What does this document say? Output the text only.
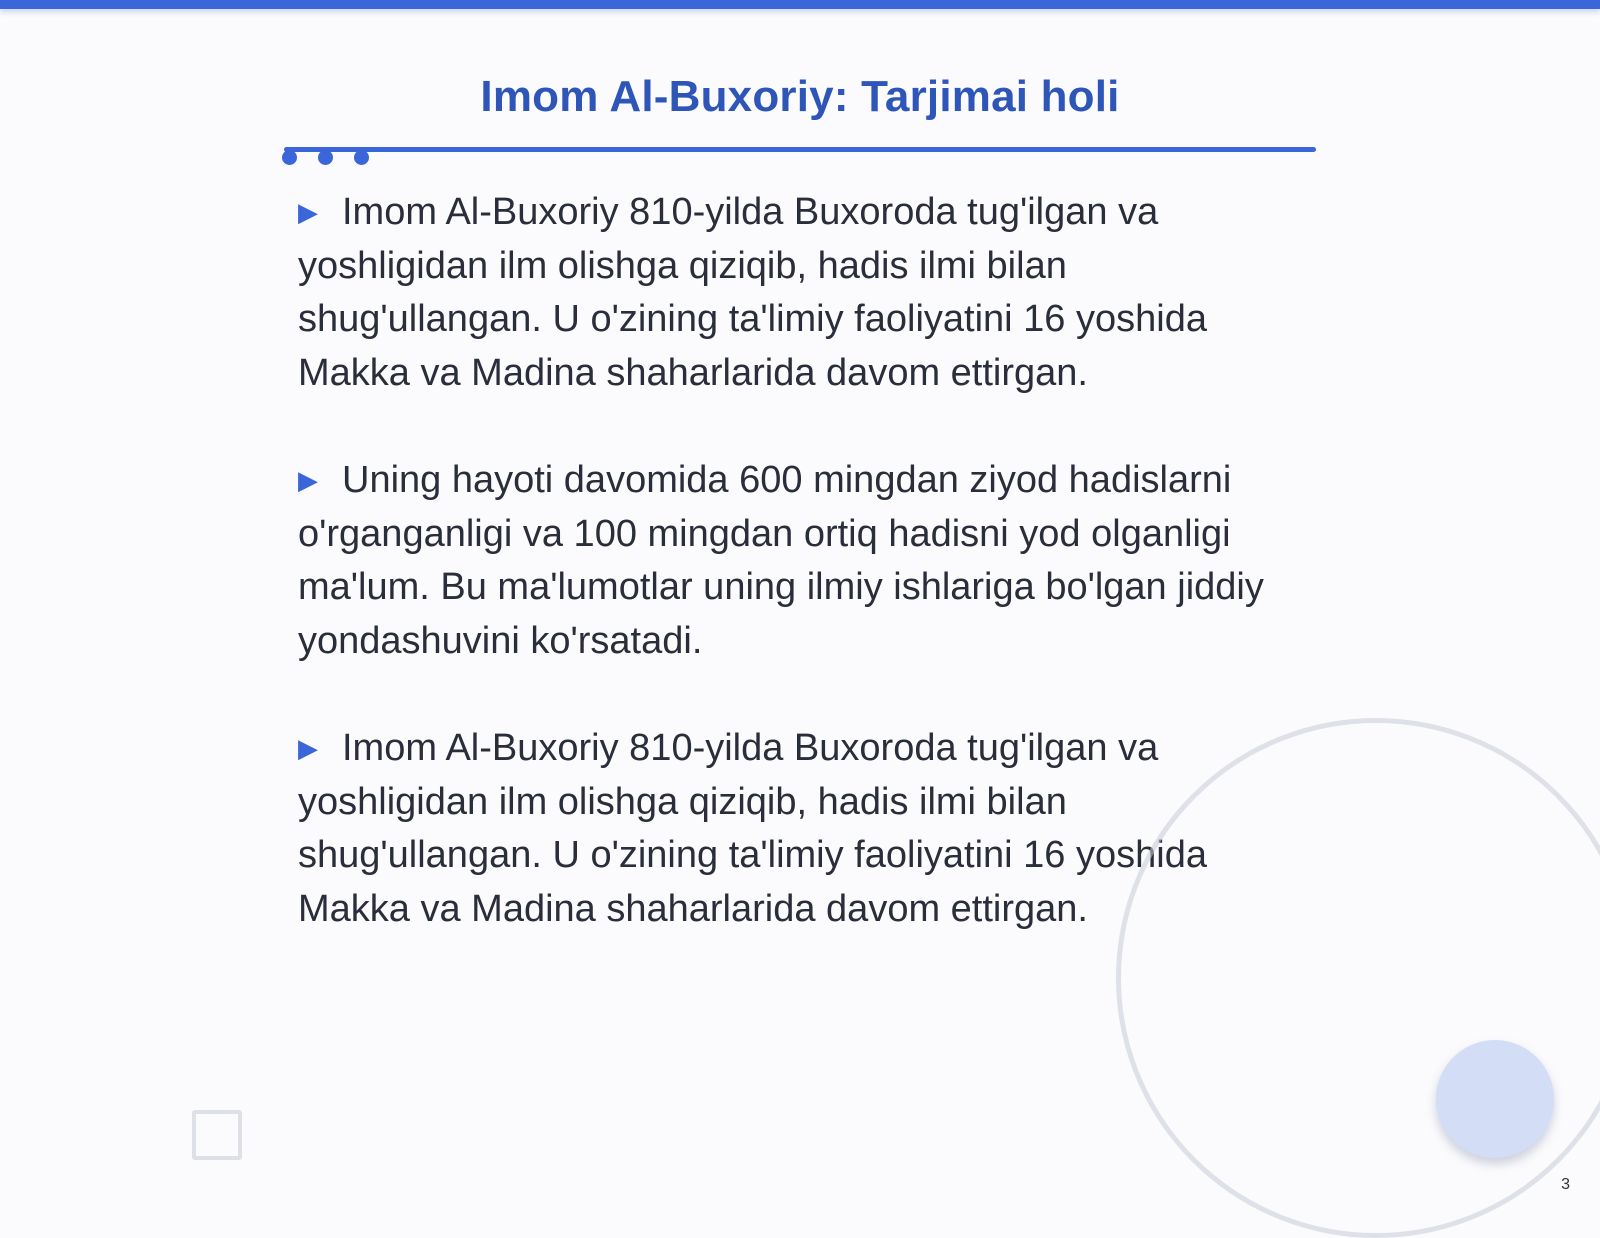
Imom Al-Buxoriy: Tarjimai holi

▶ Imom Al-Buxoriy 810-yilda Buxoroda tug'ilgan va yoshligidan ilm olishga qiziqib, hadis ilmi bilan shug'ullangan. U o'zining ta'limiy faoliyatini 16 yoshida Makka va Madina shaharlarida davom ettirgan.

▶ Uning hayoti davomida 600 mingdan ziyod hadislarni o'rganganligi va 100 mingdan ortiq hadisni yod olganligi ma'lum. Bu ma'lumotlar uning ilmiy ishlariga bo'lgan jiddiy yondashuvini ko'rsatadi.

▶ Imom Al-Buxoriy 810-yilda Buxoroda tug'ilgan va yoshligidan ilm olishga qiziqib, hadis ilmi bilan shug'ullangan. U o'zining ta'limiy faoliyatini 16 yoshida Makka va Madina shaharlarida davom ettirgan.

3
